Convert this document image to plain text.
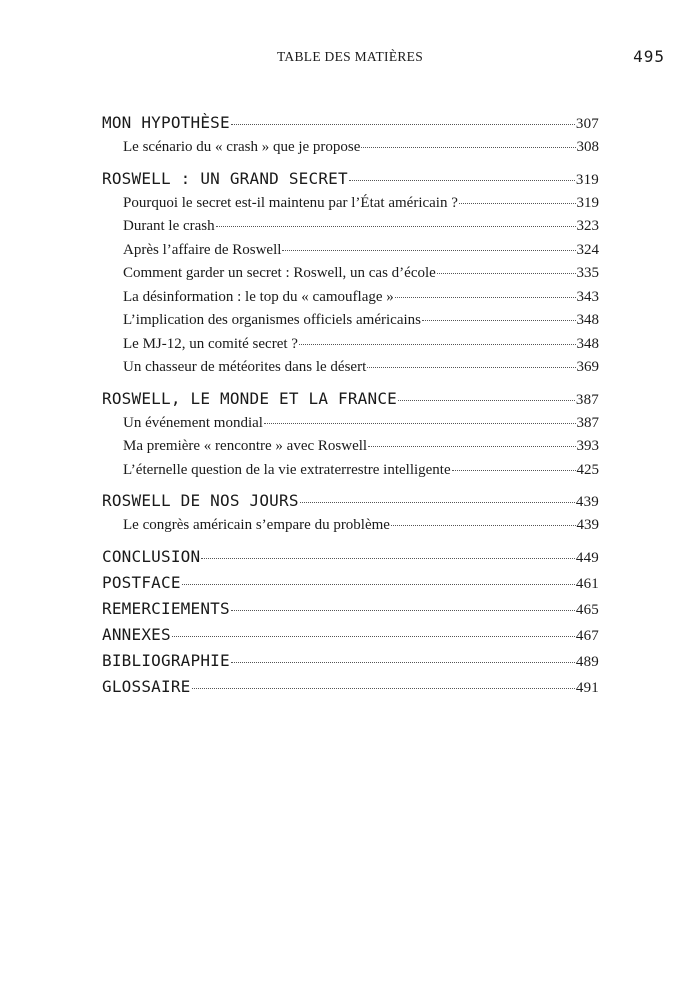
TABLE DES MATIÈRES	495
MON HYPOTHÈSE	307
Le scénario du « crash » que je propose	308
ROSWELL : UN GRAND SECRET	319
Pourquoi le secret est-il maintenu par l’État américain ?	319
Durant le crash	323
Après l’affaire de Roswell	324
Comment garder un secret : Roswell, un cas d’école	335
La désinformation : le top du « camouflage »	343
L’implication des organismes officiels américains	348
Le MJ-12, un comité secret ?	348
Un chasseur de météorites dans le désert	369
ROSWELL, LE MONDE ET LA FRANCE	387
Un événement mondial	387
Ma première « rencontre » avec Roswell	393
L’éternelle question de la vie extraterrestre intelligente	425
ROSWELL DE NOS JOURS	439
Le congrès américain s’empare du problème	439
CONCLUSION	449
POSTFACE	461
REMERCIEMENTS	465
ANNEXES	467
BIBLIOGRAPHIE	489
GLOSSAIRE	491
